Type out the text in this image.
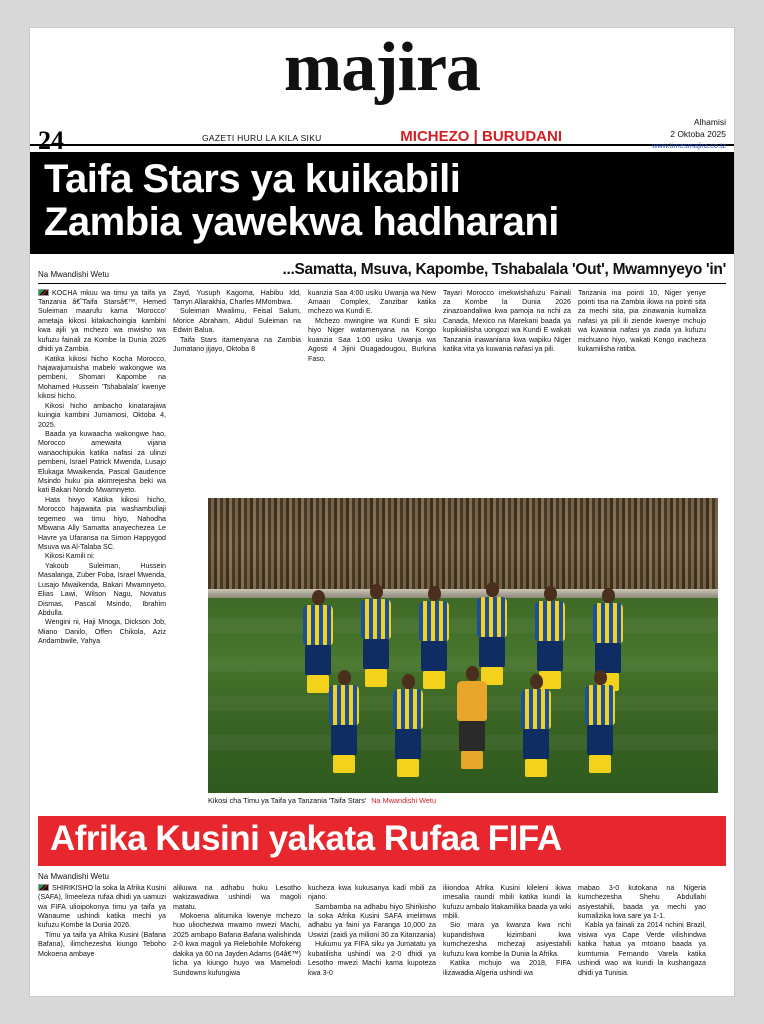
24
majira
GAZETI HURU LA KILA SIKU	MICHEZO | BURUDANI
Alhamisi
2 Oktoba 2025
www.timesmajira.co.tz
Taifa Stars ya kuikabili
Zambia yawekwa hadharani
Na Mwandishi Wetu	...Samatta, Msuva, Kapombe, Tshabalala 'Out', Mwamnyeyo 'in'

KOCHA mkuu wa timu ya taifa ya Tanzania â€˜Taifa Starsâ€™, Hemed Suleiman maarufu kama 'Morocco' ametaja kikosi kitakachoingia kambini kwa ajili ya mchezo wa mwisho wa kufuzu fainali za Kombe la Dunia 2026 dhidi ya Zambia.

Katika kikosi hicho Kocha Morocco, hajawajumuisha mabeki wakongwe wa pembeni, Shomari Kapombe na Mohamed Hussein 'Tshabalala' kwenye kikosi hicho.

Kikosi hicho ambacho kinatarajiwa kuingia kambini Jumamosi, Oktoba 4, 2025.

Baada ya kuwaacha wakongwe hao, Morocco amewaita vijana wanaochipukia katika nafasi za ulinzi pembeni, Israel Patrick Mwenda, Lusajo Elukaga Mwaikenda, Pascal Gaudence Msindo huku pia akimrejesha beki wa kati Bakari Nondo Mwamnyeto.

Hata hivyo Katika kikosi hicho, Morocco hajawaita pia washambuliaji tegemeo wa timu hiyo, Nahodha Mbwana Ally Samatta anayechezea Le Havre ya Ufaransa na Simon Happygod Msuva wa Al-Talaba SC.

Kikosi Kamili ni:

Yakoub Suleiman, Hussein Masalanga, Zuber Foba, Israel Mwenda, Lusajo Mwaikenda, Bakari Mwamnyeto, Elias Lawi, Wilson Nagu, Novatus Dismas, Pascal Msindo, Ibrahim Abdulla.

Wengini ni, Haji Mnoga, Dickson Job, Miano Danilo, Offen Chikola, Aziz Andambwile, Yahya

Zayd, Yusuph Kagoma, Habibu Idd, Tarryn Allarakhia, Charles MMombwa.

Suleiman Mwalimu, Feisal Salum, Morice Abraham, Abdul Suleiman na Edwin Balua.

Taifa Stars itamenyana na Zambia Jumatano jijayo, Oktoba 8

kuanzia Saa 4:00 usiku Uwanja wa New Amaan Complex, Zanzibar katika mchezo wa Kundi E.

Mchezo mwingine wa Kundi E siku hiyo Niger watamenyana na Kongo kuanzia Saa 1:00 usiku Uwanja wa Agosti 4 Jijini Ouagadougou, Burkina Faso.

Tayari Morocco imekwishafuzu Fainali za Kombe la Dunia 2026 zinazoandaliwa kwa pamoja na nchi za Canada, Mexico na Marekani baada ya kupikiakisha uongozi wa Kundi E wakati Tanzania inawaniana kwa wapiku Niger katika vita ya kuwania nafasi ya pili.

Tanzania ina pointi 10, Niger yenye pointi tisa na Zambia ikiwa na pointi sita za mechi sita, pia zinawania kumaliza nafasi ya pili ili ziende kwenye mchujo wa kuwania nafasi ya ziada ya kufuzu michuano hiyo, wakati Kongo inacheza kukamilisha ratiba.

Kikosi cha Timu ya Taifa ya Tanzania 'Taifa Stars' Na Mwandishi Wetu
Afrika Kusini yakata Rufaa FIFA
Na Mwandishi Wetu

SHIRIKISHO la soka la Afrika Kusini (SAFA), limeeleza rufaa dhidi ya uamuzi wa FIFA ulioipokonya timu ya taifa ya Wanaume ushindi katika mechi ya kufuzu Kombe la Dunia 2026.

Timu ya taifa ya Afrika Kusini (Bafana Bafana), ilimchezesha kiungo Teboho Mokoena ambaye

alikuwa na adhabu huku Lesotho wakizawadiwa ushindi wa magoli matatu.

Mokoena alitumika kwenye mchezo huo uliochezwa mwamo mwezi Machi, 2025 ambapo Bafana Bafana walishinda 2-0 kwa magoli ya Relebohile Mofokeng dakika ya 60 na Jayden Adams (64â€™) licha ya kiungo huyo wa Mamelodi Sundowns kufungiwa

kucheza kwa kukusanya kadi mbili za njano.

Sambamba na adhabu hiyo Shirikisho la soka Afrika Kusini SAFA imelimwa adhabu ya faini ya Faranga 10,000 za Uswizi (zaidi ya milioni 30 za Kitanzania)

Hukumu ya FIFA siku ya Jumatatu ya kubatilisha ushindi wa 2-0 dhidi ya Lesotho mwezi Machi kama kupoteza kwa 3-0

iliiondoa Afrika Kusini kileleni ikiwa imesalia raundi mbili katika kundi la kufuzu ambalo litakamilika baada ya wiki mbili.

Sio mara ya kwanza kwa nchi kupandishwa kizimbani kwa kumchezesha mchezaji asiyestahili kufuzu kwa kombe la Dunia la Afrika.

Katika mchujo wa 2018, FIFA ilizawadia Algeria ushindi wa

mabao 3-0 kutokana na Nigeria kumchezesha Shehu Abdullahi asiyestahili, baada ya mechi yao kumalizika kwa sare ya 1-1.

Kabla ya fainali za 2014 nchini Brazil, visiwa vya Cape Verde vilishindwa katika hatua ya mtoano baada ya kumtumia Fernando Varela katika ushindi wao wa kundi la kushangaza dhidi ya Tunisia.
